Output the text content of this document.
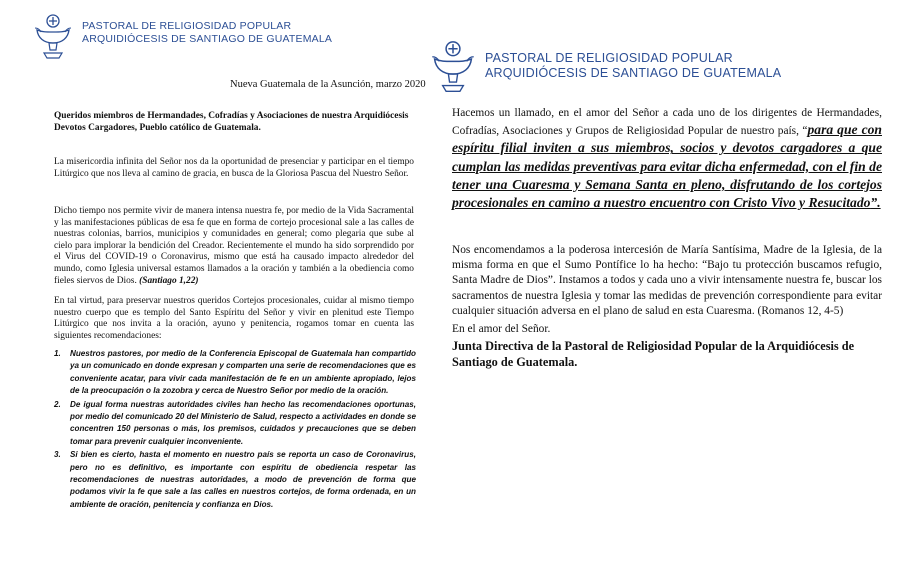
PASTORAL DE RELIGIOSIDAD POPULAR
ARQUIDIÓCESIS DE SANTIAGO DE GUATEMALA
Nueva Guatemala de la Asunción, marzo 2020
Queridos miembros de Hermandades, Cofradías y Asociaciones de nuestra Arquidiócesis
Devotos Cargadores, Pueblo católico de Guatemala.
La misericordia infinita del Señor nos da la oportunidad de presenciar y participar en el tiempo Litúrgico que nos lleva al camino de gracia, en busca de la Gloriosa Pascua del Nuestro Señor.
Dicho tiempo nos permite vivir de manera intensa nuestra fe, por medio de la Vida Sacramental y las manifestaciones públicas de esa fe que en forma de cortejo procesional sale a las calles de nuestras colonias, barrios, municipios y comunidades en general; como plegaria que sube al cielo para implorar la bendición del Creador. Recientemente el mundo ha sido sorprendido por el Virus del COVID-19 o Coronavirus, mismo que está ha causado impacto alrededor del mundo, como Iglesia universal estamos llamados a la oración y también a la obediencia como fieles siervos de Dios. (Santiago 1,22)
En tal virtud, para preservar nuestros queridos Cortejos procesionales, cuidar al mismo tiempo nuestro cuerpo que es templo del Santo Espíritu del Señor y vivir en plenitud este Tiempo Litúrgico que nos invita a la oración, ayuno y penitencia, rogamos tomar en cuenta las siguientes recomendaciones:
1. Nuestros pastores, por medio de la Conferencia Episcopal de Guatemala han compartido ya un comunicado en donde expresan y comparten una serie de recomendaciones que es conveniente acatar, para vivir cada manifestación de fe en un ambiente apropiado, lejos de la preocupación o la zozobra y cerca de Nuestro Señor por medio de la oración.
2. De igual forma nuestras autoridades civiles han hecho las recomendaciones oportunas, por medio del comunicado 20 del Ministerio de Salud, respecto a actividades en donde se concentren 150 personas o más, los premisos, cuidados y precauciones que se deben tomar para prevenir cualquier inconveniente.
3. Si bien es cierto, hasta el momento en nuestro país se reporta un caso de Coronavirus, pero no es definitivo, es importante con espíritu de obediencia respetar las recomendaciones de nuestras autoridades, a modo de prevención de forma que podamos vivir la fe que sale a las calles en nuestros cortejos, de forma ordenada, en un ambiente de oración, penitencia y confianza en Dios.
PASTORAL DE RELIGIOSIDAD POPULAR
ARQUIDIÓCESIS DE SANTIAGO DE GUATEMALA
Hacemos un llamado, en el amor del Señor a cada uno de los dirigentes de Hermandades, Cofradías, Asociaciones y Grupos de Religiosidad Popular de nuestro país, “para que con espíritu filial inviten a sus miembros, socios y devotos cargadores a que cumplan las medidas preventivas para evitar dicha enfermedad, con el fin de tener una Cuaresma y Semana Santa en pleno, disfrutando de los cortejos procesionales en camino a nuestro encuentro con Cristo Vivo y Resucitado”.
Nos encomendamos a la poderosa intercesión de María Santísima, Madre de la Iglesia, de la misma forma en que el Sumo Pontífice lo ha hecho: “Bajo tu protección buscamos refugio, Santa Madre de Dios”. Instamos a todos y cada uno a vivir intensamente nuestra fe, buscar los sacramentos de nuestra Iglesia y tomar las medidas de prevención correspondiente para evitar cualquier situación adversa en el plano de salud en esta Cuaresma. (Romanos 12, 4-5)
En el amor del Señor.
Junta Directiva de la Pastoral de Religiosidad Popular de la Arquidiócesis de Santiago de Guatemala.
